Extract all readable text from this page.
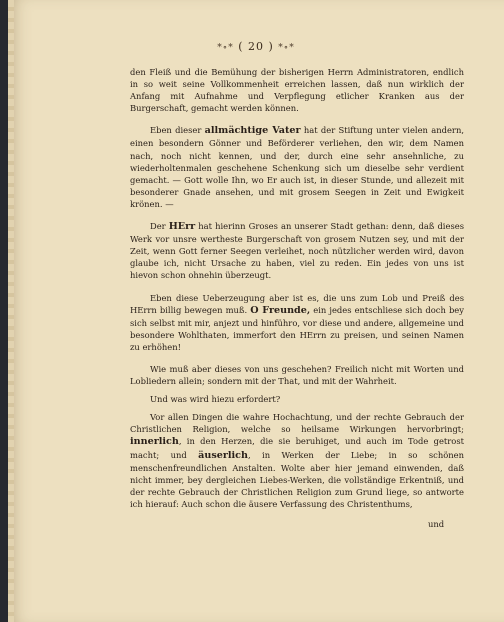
*∘* ( 20 ) *∘*

den Fleiß und die Bemühung der bisherigen Herrn Administratoren, endlich in so weit seine Vollkommenheit erreichen lassen, daß nun wirklich der Anfang mit Aufnahme und Verpflegung etlicher Kranken aus der Burgerschaft, gemacht werden können.

Eben dieser allmächtige Vater hat der Stiftung unter vielen andern, einen besondern Gönner und Beförderer verliehen, den wir, dem Namen nach, noch nicht kennen, und der, durch eine sehr ansehnliche, zu wiederholtenmalen geschehene Schenkung sich um dieselbe sehr verdient gemacht. — Gott wolle Ihn, wo Er auch ist, in dieser Stunde, und allezeit mit besonderer Gnade ansehen, und mit grosem Seegen in Zeit und Ewigkeit krönen. —

Der HErr hat hierinn Groses an unserer Stadt gethan: denn, daß dieses Werk vor unsre wertheste Burgerschaft von grosem Nutzen sey, und mit der Zeit, wenn Gott ferner Seegen verleihet, noch nützlicher werden wird, davon glaube ich, nicht Ursache zu haben, viel zu reden. Ein jedes von uns ist hievon schon ohnehin überzeugt.

Eben diese Ueberzeugung aber ist es, die uns zum Lob und Preiß des HErrn billig bewegen muß. O Freunde, ein jedes entschliese sich doch bey sich selbst mit mir, anjezt und hinführo, vor diese und andere, allgemeine und besondere Wohlthaten, immerfort den HErrn zu preisen, und seinen Namen zu erhöhen!

Wie muß aber dieses von uns geschehen? Freilich nicht mit Worten und Lobliedern allein; sondern mit der That, und mit der Wahrheit.

Und was wird hiezu erfordert?

Vor allen Dingen die wahre Hochachtung, und der rechte Gebrauch der Christlichen Religion, welche so heilsame Wirkungen hervorbringt; innerlich, in den Herzen, die sie beruhiget, und auch im Tode getrost macht; und äuserlich, in Werken der Liebe; in so schönen menschenfreundlichen Anstalten. Wolte aber hier jemand einwenden, daß nicht immer, bey dergleichen Liebes-Werken, die vollständige Erkentniß, und der rechte Gebrauch der Christlichen Religion zum Grund liege, so antworte ich hierauf: Auch schon die äusere Verfassung des Christenthums,

und
